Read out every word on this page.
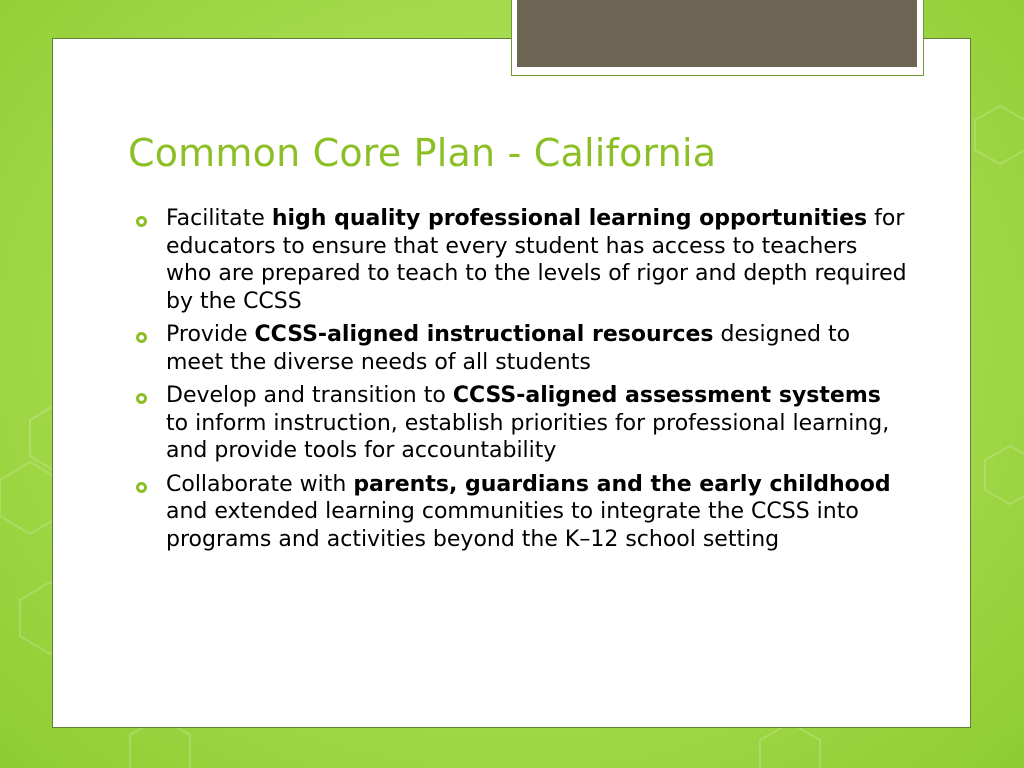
Common Core Plan - California

Facilitate high quality professional learning opportunities for educators to ensure that every student has access to teachers who are prepared to teach to the levels of rigor and depth required by the CCSS

Provide CCSS-aligned instructional resources designed to meet the diverse needs of all students

Develop and transition to CCSS-aligned assessment systems to inform instruction, establish priorities for professional learning, and provide tools for accountability

Collaborate with parents, guardians and the early childhood and extended learning communities to integrate the CCSS into programs and activities beyond the K–12 school setting
